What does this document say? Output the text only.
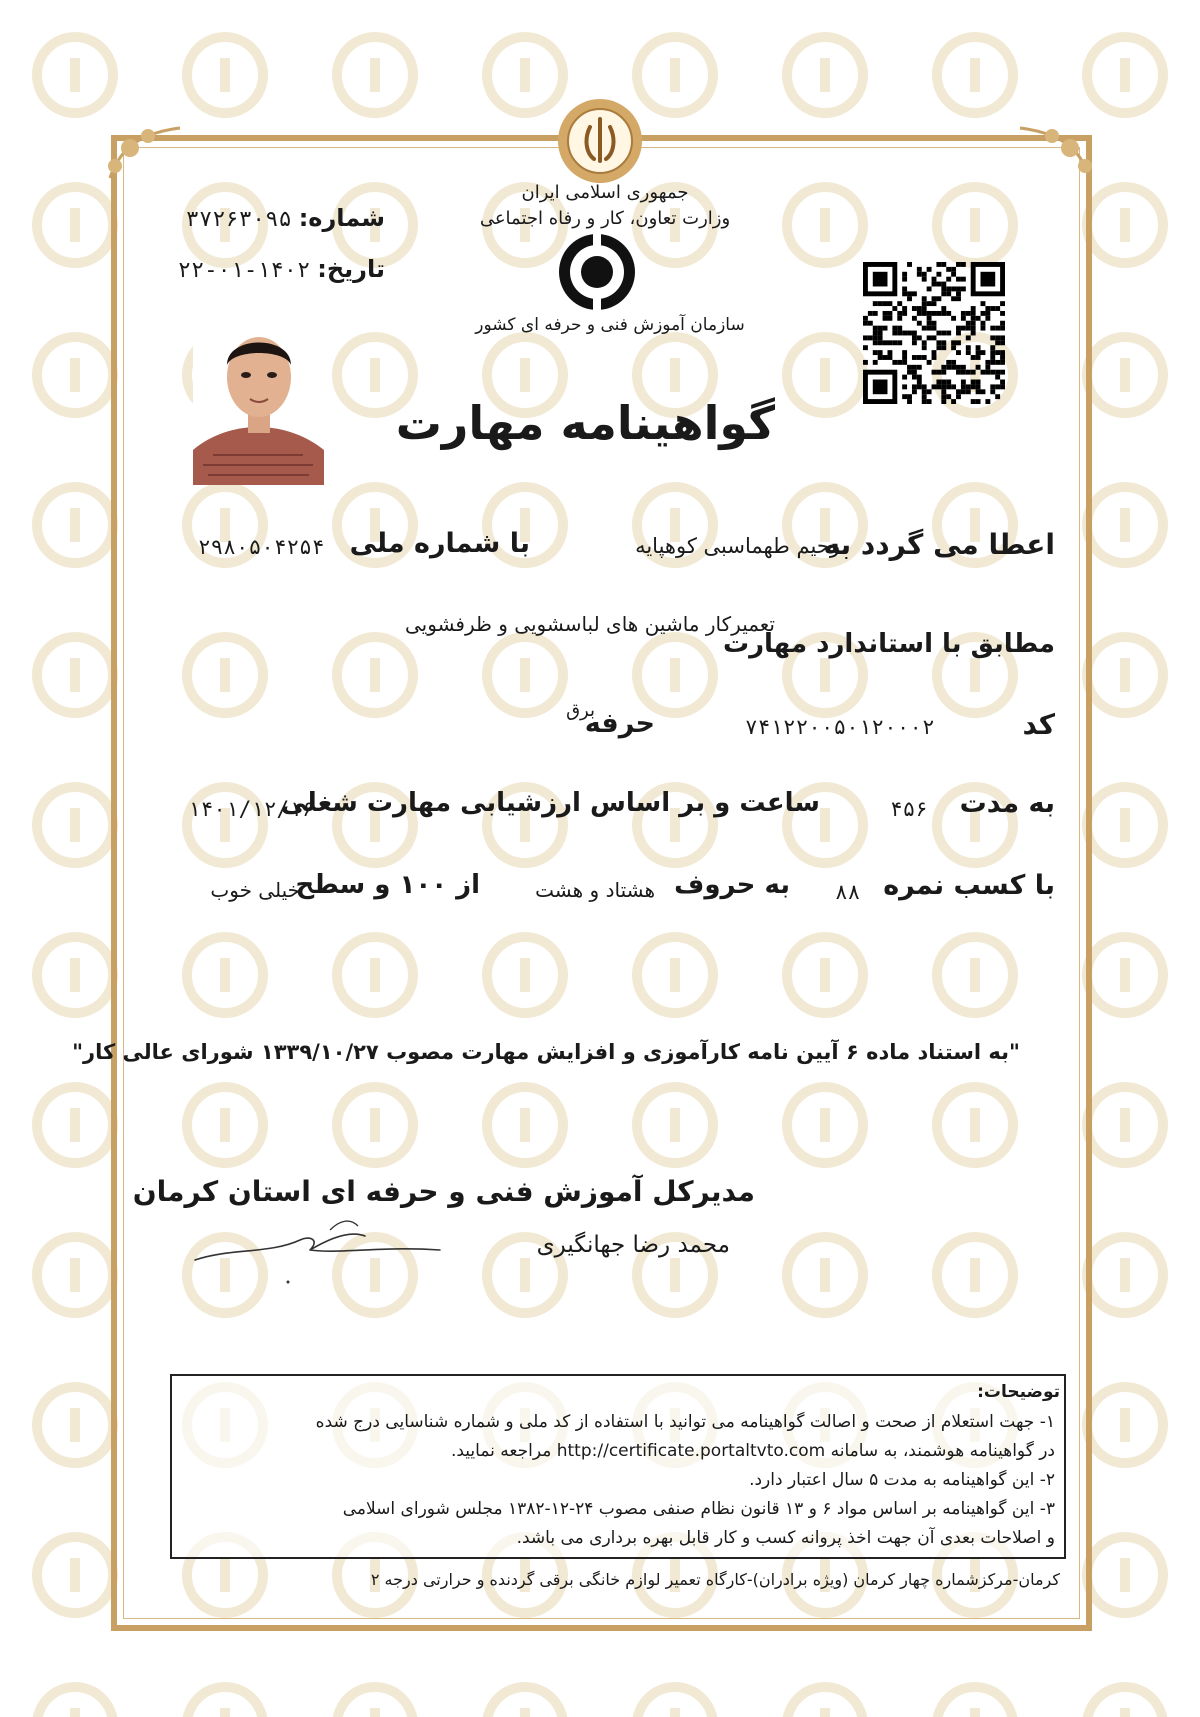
جمهوری اسلامی ایران
وزارت تعاون، کار و رفاه اجتماعی
سازمان آموزش فنی و حرفه ای کشور
شماره: ۳۷۲۶۳۰۹۵
تاریخ: ۱۴۰۲-۰۱-۲۲
گواهینامه مهارت
اعطا می گردد به
رحیم طهماسبی کوهپایه
با شماره ملی
۲۹۸۰۵۰۴۲۵۴
تعمیرکار ماشین های لباسشویی و ظرفشویی
مطابق با استاندارد مهارت
کد
۷۴۱۲۲۰۰۵۰۱۲۰۰۰۲
حرفه
برق
به مدت
۴۵۶
ساعت و بر اساس ارزشیابی مهارت شغلی
۱۴۰۱/۱۲/۱۶
با کسب نمره
۸۸
به حروف
هشتاد و هشت
از ۱۰۰ و سطح
خیلی خوب
"به استناد ماده ۶ آیین نامه کارآموزی و افزایش مهارت مصوب ۱۳۳۹/۱۰/۲۷ شورای عالی کار"
مدیرکل آموزش فنی و حرفه ای استان کرمان
محمد رضا جهانگیری
توضیحات:
۱- جهت استعلام از صحت و اصالت گواهینامه می توانید با استفاده از کد ملی و شماره شناسایی درج شده
در گواهینامه هوشمند، به سامانه http://certificate.portaltvto.com مراجعه نمایید.
۲- این گواهینامه به مدت ۵ سال اعتبار دارد.
۳- این گواهینامه بر اساس مواد ۶ و ۱۳ قانون نظام صنفی مصوب ۲۴-۱۲-۱۳۸۲ مجلس شورای اسلامی
و اصلاحات بعدی آن جهت اخذ پروانه کسب و کار قابل بهره برداری می باشد.
کرمان-مرکزشماره چهار کرمان (ویژه برادران)-کارگاه تعمیر لوازم خانگی برقی گردنده و حرارتی درجه ۲
